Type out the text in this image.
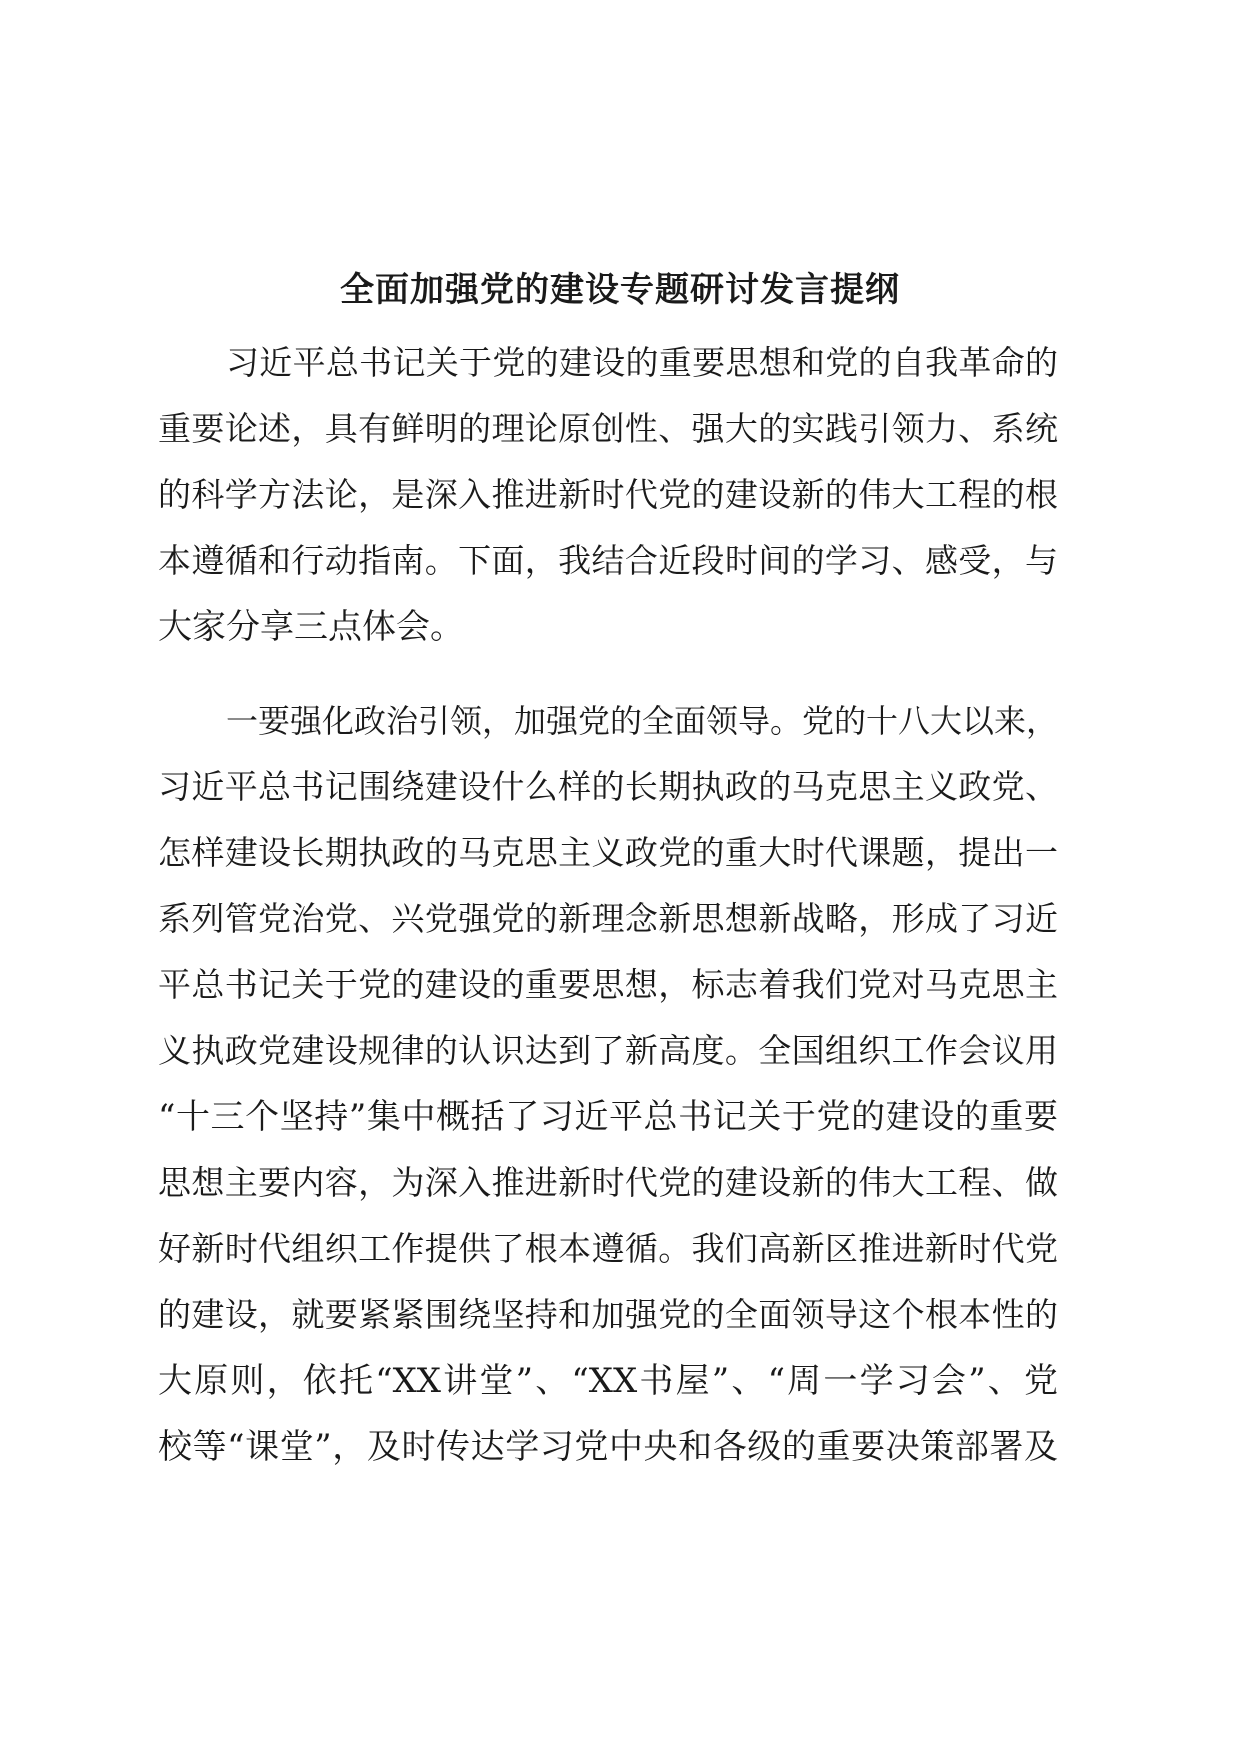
全面加强党的建设专题研讨发言提纲

习近平总书记关于党的建设的重要思想和党的自我革命的

重要论述，具有鲜明的理论原创性、强大的实践引领力、系统

的科学方法论，是深入推进新时代党的建设新的伟大工程的根

本遵循和行动指南。下面，我结合近段时间的学习、感受，与

大家分享三点体会。

一要强化政治引领，加强党的全面领导。党的十八大以来，

习近平总书记围绕建设什么样的长期执政的马克思主义政党、

怎样建设长期执政的马克思主义政党的重大时代课题，提出一

系列管党治党、兴党强党的新理念新思想新战略，形成了习近

平总书记关于党的建设的重要思想，标志着我们党对马克思主

义执政党建设规律的认识达到了新高度。全国组织工作会议用

“十三个坚持”集中概括了习近平总书记关于党的建设的重要

思想主要内容，为深入推进新时代党的建设新的伟大工程、做

好新时代组织工作提供了根本遵循。我们高新区推进新时代党

的建设，就要紧紧围绕坚持和加强党的全面领导这个根本性的

大原则，依托“XX讲堂”、“XX书屋”、“周一学习会”、党

校等“课堂”，及时传达学习党中央和各级的重要决策部署及
